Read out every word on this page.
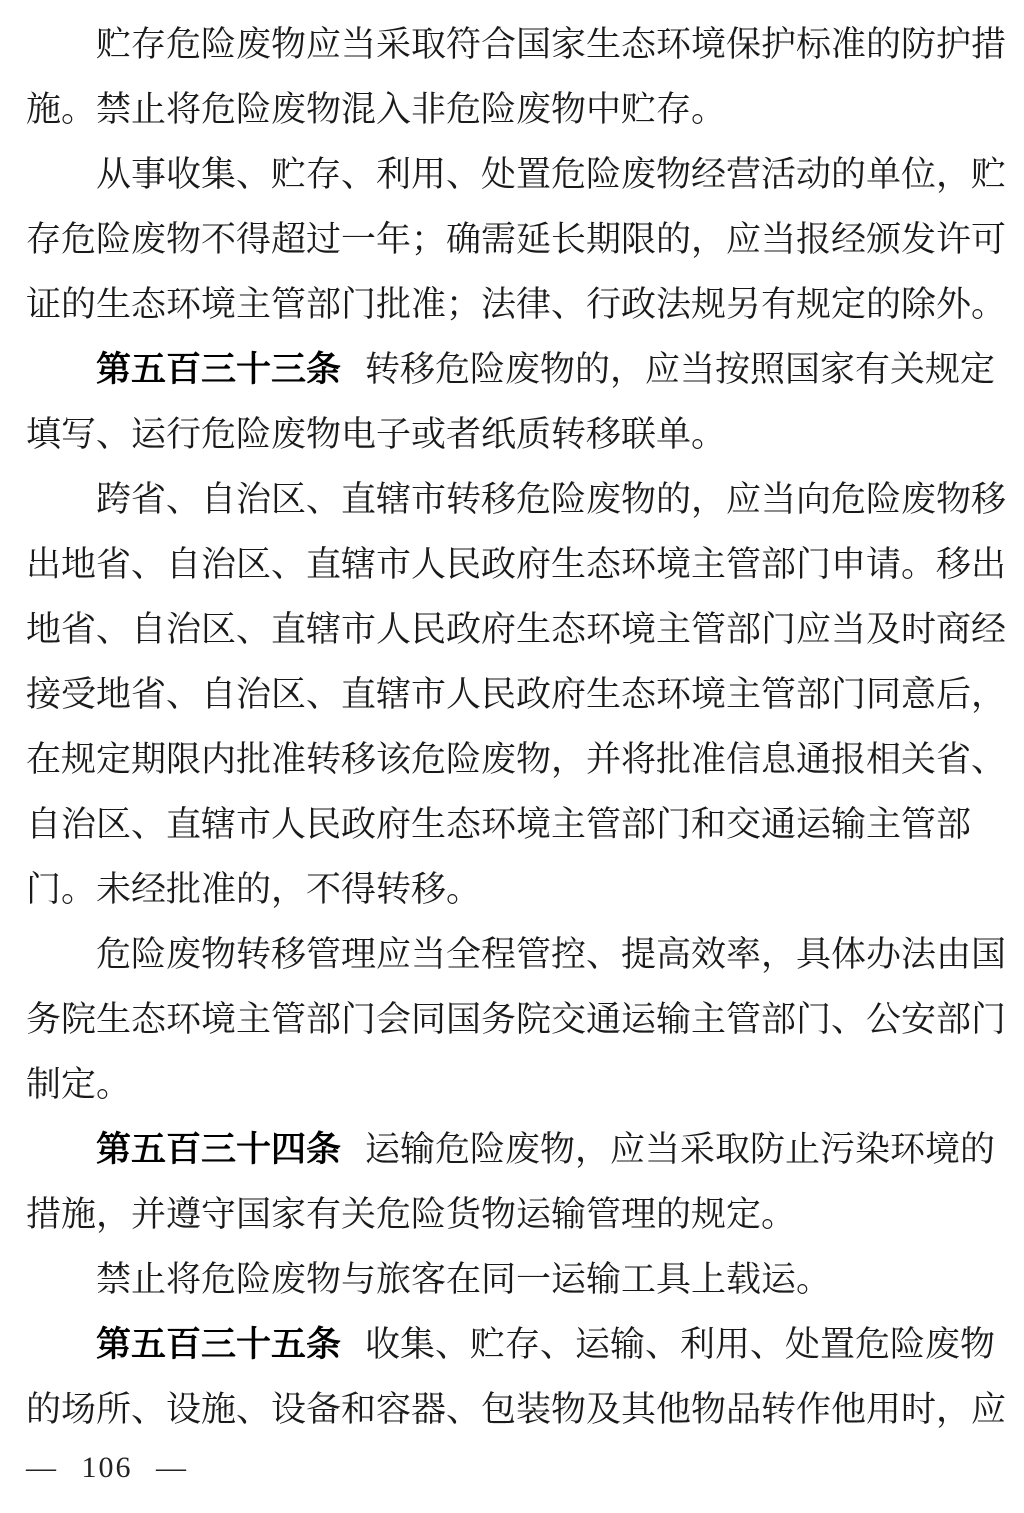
贮存危险废物应当采取符合国家生态环境保护标准的防护措
施。禁止将危险废物混入非危险废物中贮存。
从事收集、贮存、利用、处置危险废物经营活动的单位，贮
存危险废物不得超过一年；确需延长期限的，应当报经颁发许可
证的生态环境主管部门批准；法律、行政法规另有规定的除外。
第五百三十三条 转移危险废物的，应当按照国家有关规定
填写、运行危险废物电子或者纸质转移联单。
跨省、自治区、直辖市转移危险废物的，应当向危险废物移
出地省、自治区、直辖市人民政府生态环境主管部门申请。移出
地省、自治区、直辖市人民政府生态环境主管部门应当及时商经
接受地省、自治区、直辖市人民政府生态环境主管部门同意后，
在规定期限内批准转移该危险废物，并将批准信息通报相关省、
自治区、直辖市人民政府生态环境主管部门和交通运输主管部
门。未经批准的，不得转移。
危险废物转移管理应当全程管控、提高效率，具体办法由国
务院生态环境主管部门会同国务院交通运输主管部门、公安部门
制定。
第五百三十四条 运输危险废物，应当采取防止污染环境的
措施，并遵守国家有关危险货物运输管理的规定。
禁止将危险废物与旅客在同一运输工具上载运。
第五百三十五条 收集、贮存、运输、利用、处置危险废物
的场所、设施、设备和容器、包装物及其他物品转作他用时，应
— 106 —
